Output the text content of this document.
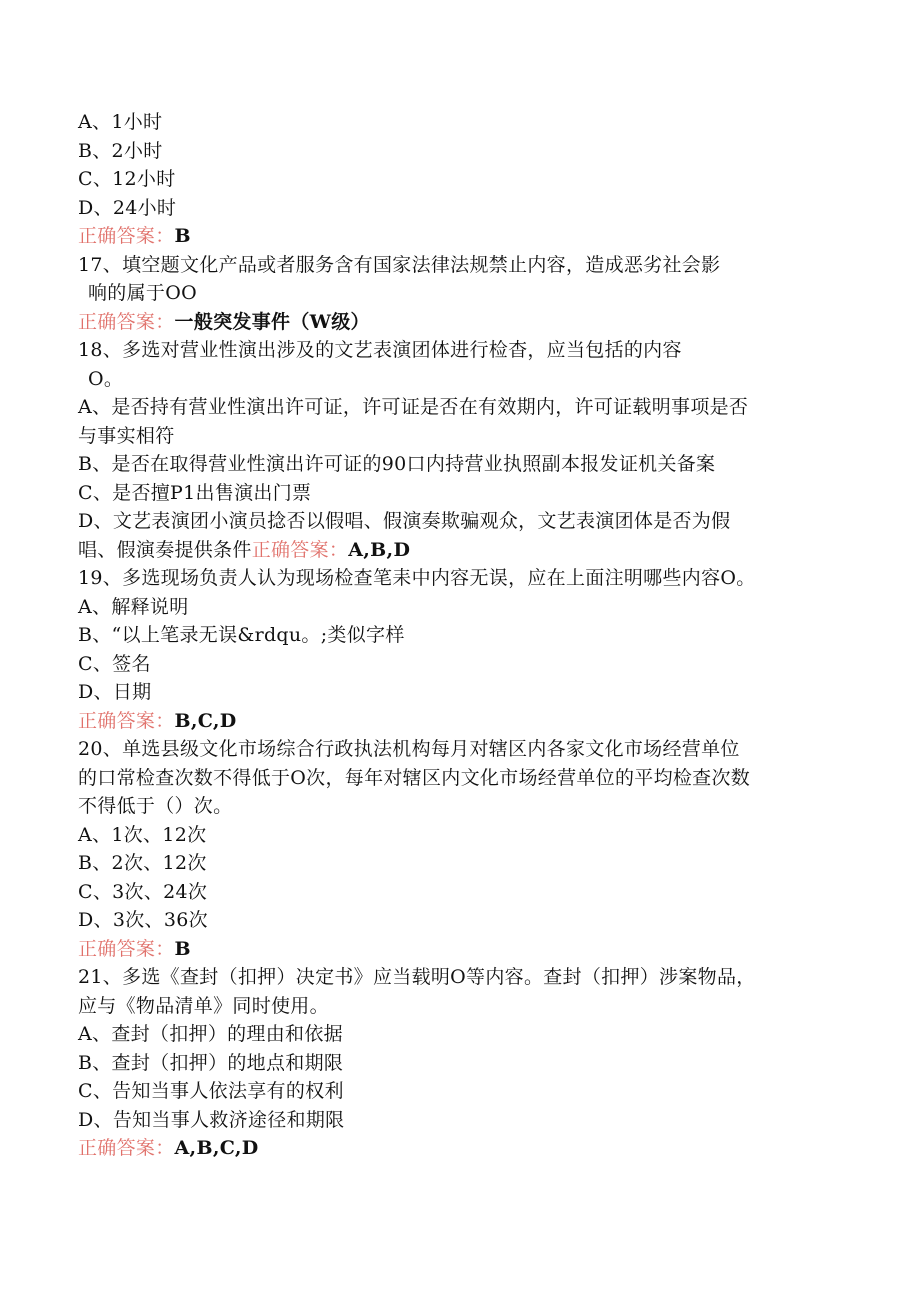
A、1小时
B、2小时
C、12小时
D、24小时
正确答案：B
17、填空题文化产品或者服务含有国家法律法规禁止内容，造成恶劣社会影
响的属于OO
正确答案：一般突发事件（W级）
18、多选对营业性演出涉及的文艺表演团体进行检杳，应当包括的内容
O。
A、是否持有营业性演出许可证，许可证是否在有效期内，许可证载明事项是否
与事实相符
B、是否在取得营业性演出许可证的90口内持营业执照副本报发证机关备案
C、是否擅P1出售演出门票
D、文艺表演团小演员捻否以假唱、假演奏欺骗观众，文艺表演团体是否为假
唱、假演奏提供条件正确答案：A,B,D
19、多选现场负责人认为现场检查笔耒中内容无误，应在上面注明哪些内容O。
A、解释说明
B、“以上笔录无误&rdqu。;类似字样
C、签名
D、日期
正确答案：B,C,D
20、单选县级文化市场综合行政执法机构每月对辖区内各家文化市场经营单位
的口常检查次数不得低于O次，每年对辖区内文化市场经营单位的平均检查次数
不得低于（）次。
A、1次、12次
B、2次、12次
C、3次、24次
D、3次、36次
正确答案：B
21、多选《查封（扣押）决定书》应当载明O等内容。查封（扣押）涉案物品，
应与《物品清单》同时使用。
A、查封（扣押）的理由和依据
B、查封（扣押）的地点和期限
C、告知当事人依法享有的权利
D、告知当事人救济途径和期限
正确答案：A,B,C,D
